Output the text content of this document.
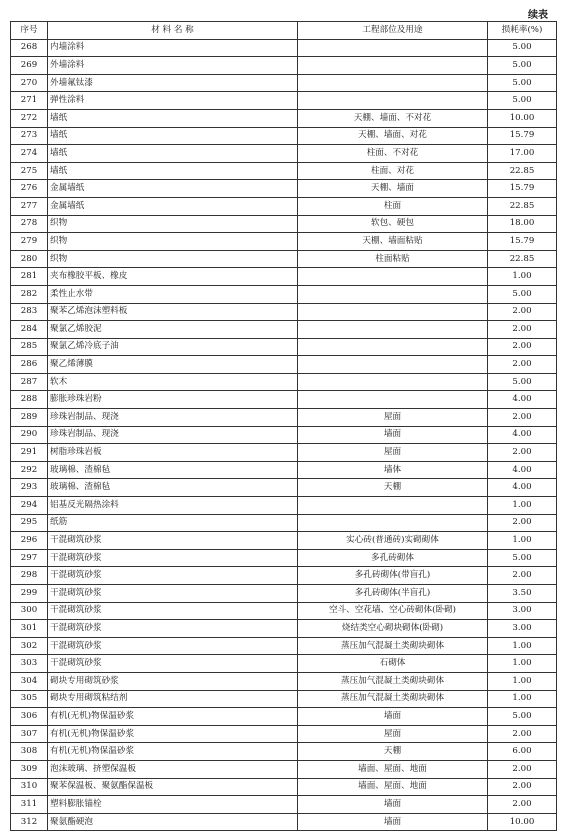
续表
序号	材 料 名 称	工程部位及用途	损耗率(%)
268	内墙涂料		5.00
269	外墙涂料		5.00
270	外墙氟钛漆		5.00
271	弹性涂料		5.00
272	墙纸	天棚、墙面、不对花	10.00
273	墙纸	天棚、墙面、对花	15.79
274	墙纸	柱面、不对花	17.00
275	墙纸	柱面、对花	22.85
276	金属墙纸	天棚、墙面	15.79
277	金属墙纸	柱面	22.85
278	织物	软包、硬包	18.00
279	织物	天棚、墙面粘贴	15.79
280	织物	柱面粘贴	22.85
281	夹布橡胶平板、橡皮		1.00
282	柔性止水带		5.00
283	聚苯乙烯泡沫塑料板		2.00
284	聚氯乙烯胶泥		2.00
285	聚氯乙烯冷底子油		2.00
286	聚乙烯薄膜		2.00
287	软木		5.00
288	膨胀珍珠岩粉		4.00
289	珍珠岩制品、现浇	屋面	2.00
290	珍珠岩制品、现浇	墙面	4.00
291	树脂珍珠岩板	屋面	2.00
292	玻璃棉、渣棉毡	墙体	4.00
293	玻璃棉、渣棉毡	天棚	4.00
294	铝基反光隔热涂料		1.00
295	纸筋		2.00
296	干混砌筑砂浆	实心砖(普通砖)实砌砌体	1.00
297	干混砌筑砂浆	多孔砖砌体	5.00
298	干混砌筑砂浆	多孔砖砌体(带盲孔)	2.00
299	干混砌筑砂浆	多孔砖砌体(半盲孔)	3.50
300	干混砌筑砂浆	空斗、空花墙、空心砖砌体(卧砌)	3.00
301	干混砌筑砂浆	烧结类空心砌块砌体(卧砌)	3.00
302	干混砌筑砂浆	蒸压加气混凝土类砌块砌体	1.00
303	干混砌筑砂浆	石砌体	1.00
304	砌块专用砌筑砂浆	蒸压加气混凝土类砌块砌体	1.00
305	砌块专用砌筑粘结剂	蒸压加气混凝土类砌块砌体	1.00
306	有机(无机)物保温砂浆	墙面	5.00
307	有机(无机)物保温砂浆	屋面	2.00
308	有机(无机)物保温砂浆	天棚	6.00
309	泡沫玻璃、挤塑保温板	墙面、屋面、地面	2.00
310	聚苯保温板、聚氨酯保温板	墙面、屋面、地面	2.00
311	塑料膨胀锚栓	墙面	2.00
312	聚氨酯硬泡	墙面	10.00
